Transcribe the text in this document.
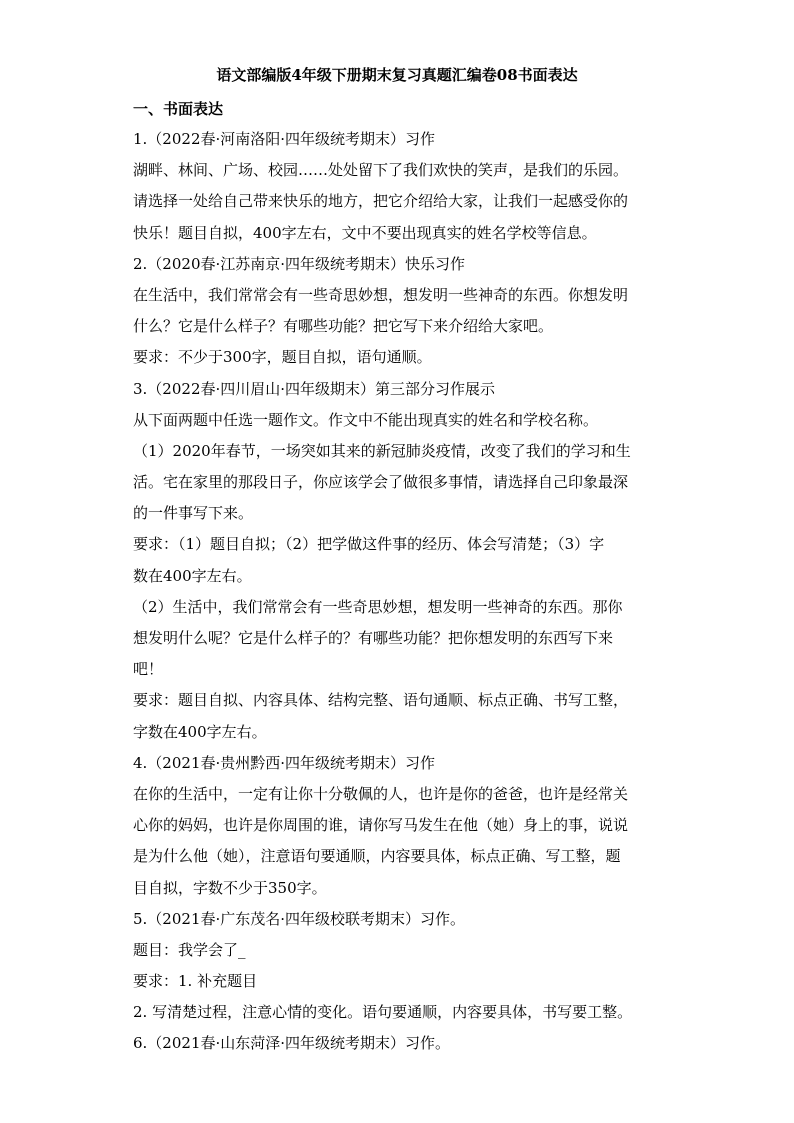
语文部编版4年级下册期末复习真题汇编卷08书面表达
一、书面表达
1.（2022春·河南洛阳·四年级统考期末）习作
湖畔、林间、广场、校园……处处留下了我们欢快的笑声，是我们的乐园。
请选择一处给自己带来快乐的地方，把它介绍给大家，让我们一起感受你的
快乐！题目自拟，400字左右，文中不要出现真实的姓名学校等信息。
2.（2020春·江苏南京·四年级统考期末）快乐习作
在生活中，我们常常会有一些奇思妙想，想发明一些神奇的东西。你想发明
什么？它是什么样子？有哪些功能？把它写下来介绍给大家吧。
要求：不少于300字，题目自拟，语句通顺。
3.（2022春·四川眉山·四年级期末）第三部分习作展示
从下面两题中任选一题作文。作文中不能出现真实的姓名和学校名称。
（1）2020年春节，一场突如其来的新冠肺炎疫情，改变了我们的学习和生
活。宅在家里的那段日子，你应该学会了做很多事情，请选择自己印象最深
的一件事写下来。
要求：（1）题目自拟；（2）把学做这件事的经历、体会写清楚；（3）字
数在400字左右。
（2）生活中，我们常常会有一些奇思妙想，想发明一些神奇的东西。那你
想发明什么呢？它是什么样子的？有哪些功能？把你想发明的东西写下来
吧！
要求：题目自拟、内容具体、结构完整、语句通顺、标点正确、书写工整，
字数在400字左右。
4.（2021春·贵州黔西·四年级统考期末）习作
在你的生活中，一定有让你十分敬佩的人，也许是你的爸爸，也许是经常关
心你的妈妈，也许是你周围的谁，请你写马发生在他（她）身上的事，说说
是为什么他（她），注意语句要通顺，内容要具体，标点正确、写工整，题
目自拟，字数不少于350字。
5.（2021春·广东茂名·四年级校联考期末）习作。
题目：我学会了_
要求：1. 补充题目
2. 写清楚过程，注意心情的变化。语句要通顺，内容要具体，书写要工整。
6.（2021春·山东菏泽·四年级统考期末）习作。
